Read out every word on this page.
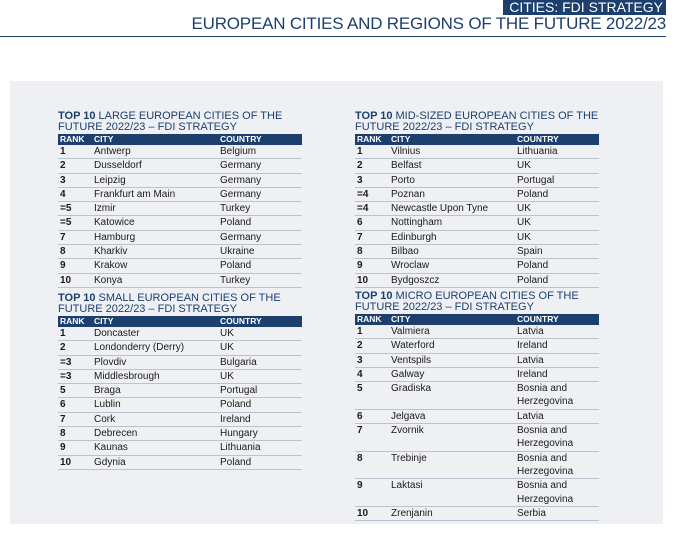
CITIES: FDI STRATEGY
EUROPEAN CITIES AND REGIONS OF THE FUTURE 2022/23
TOP 10 LARGE EUROPEAN CITIES OF THE FUTURE 2022/23 – FDI STRATEGY
RANK	CITY	COUNTRY
1	Antwerp	Belgium
2	Dusseldorf	Germany
3	Leipzig	Germany
4	Frankfurt am Main	Germany
=5	Izmir	Turkey
=5	Katowice	Poland
7	Hamburg	Germany
8	Kharkiv	Ukraine
9	Krakow	Poland
10	Konya	Turkey
TOP 10 MID-SIZED EUROPEAN CITIES OF THE FUTURE 2022/23 – FDI STRATEGY
RANK	CITY	COUNTRY
1	Vilnius	Lithuania
2	Belfast	UK
3	Porto	Portugal
=4	Poznan	Poland
=4	Newcastle Upon Tyne	UK
6	Nottingham	UK
7	Edinburgh	UK
8	Bilbao	Spain
9	Wroclaw	Poland
10	Bydgoszcz	Poland
TOP 10 SMALL EUROPEAN CITIES OF THE FUTURE 2022/23 – FDI STRATEGY
RANK	CITY	COUNTRY
1	Doncaster	UK
2	Londonderry (Derry)	UK
=3	Plovdiv	Bulgaria
=3	Middlesbrough	UK
5	Braga	Portugal
6	Lublin	Poland
7	Cork	Ireland
8	Debrecen	Hungary
9	Kaunas	Lithuania
10	Gdynia	Poland
TOP 10 MICRO EUROPEAN CITIES OF THE FUTURE 2022/23 – FDI STRATEGY
RANK	CITY	COUNTRY
1	Valmiera	Latvia
2	Waterford	Ireland
3	Ventspils	Latvia
4	Galway	Ireland
5	Gradiska	Bosnia and Herzegovina
6	Jelgava	Latvia
7	Zvornik	Bosnia and Herzegovina
8	Trebinje	Bosnia and Herzegovina
9	Laktasi	Bosnia and Herzegovina
10	Zrenjanin	Serbia
